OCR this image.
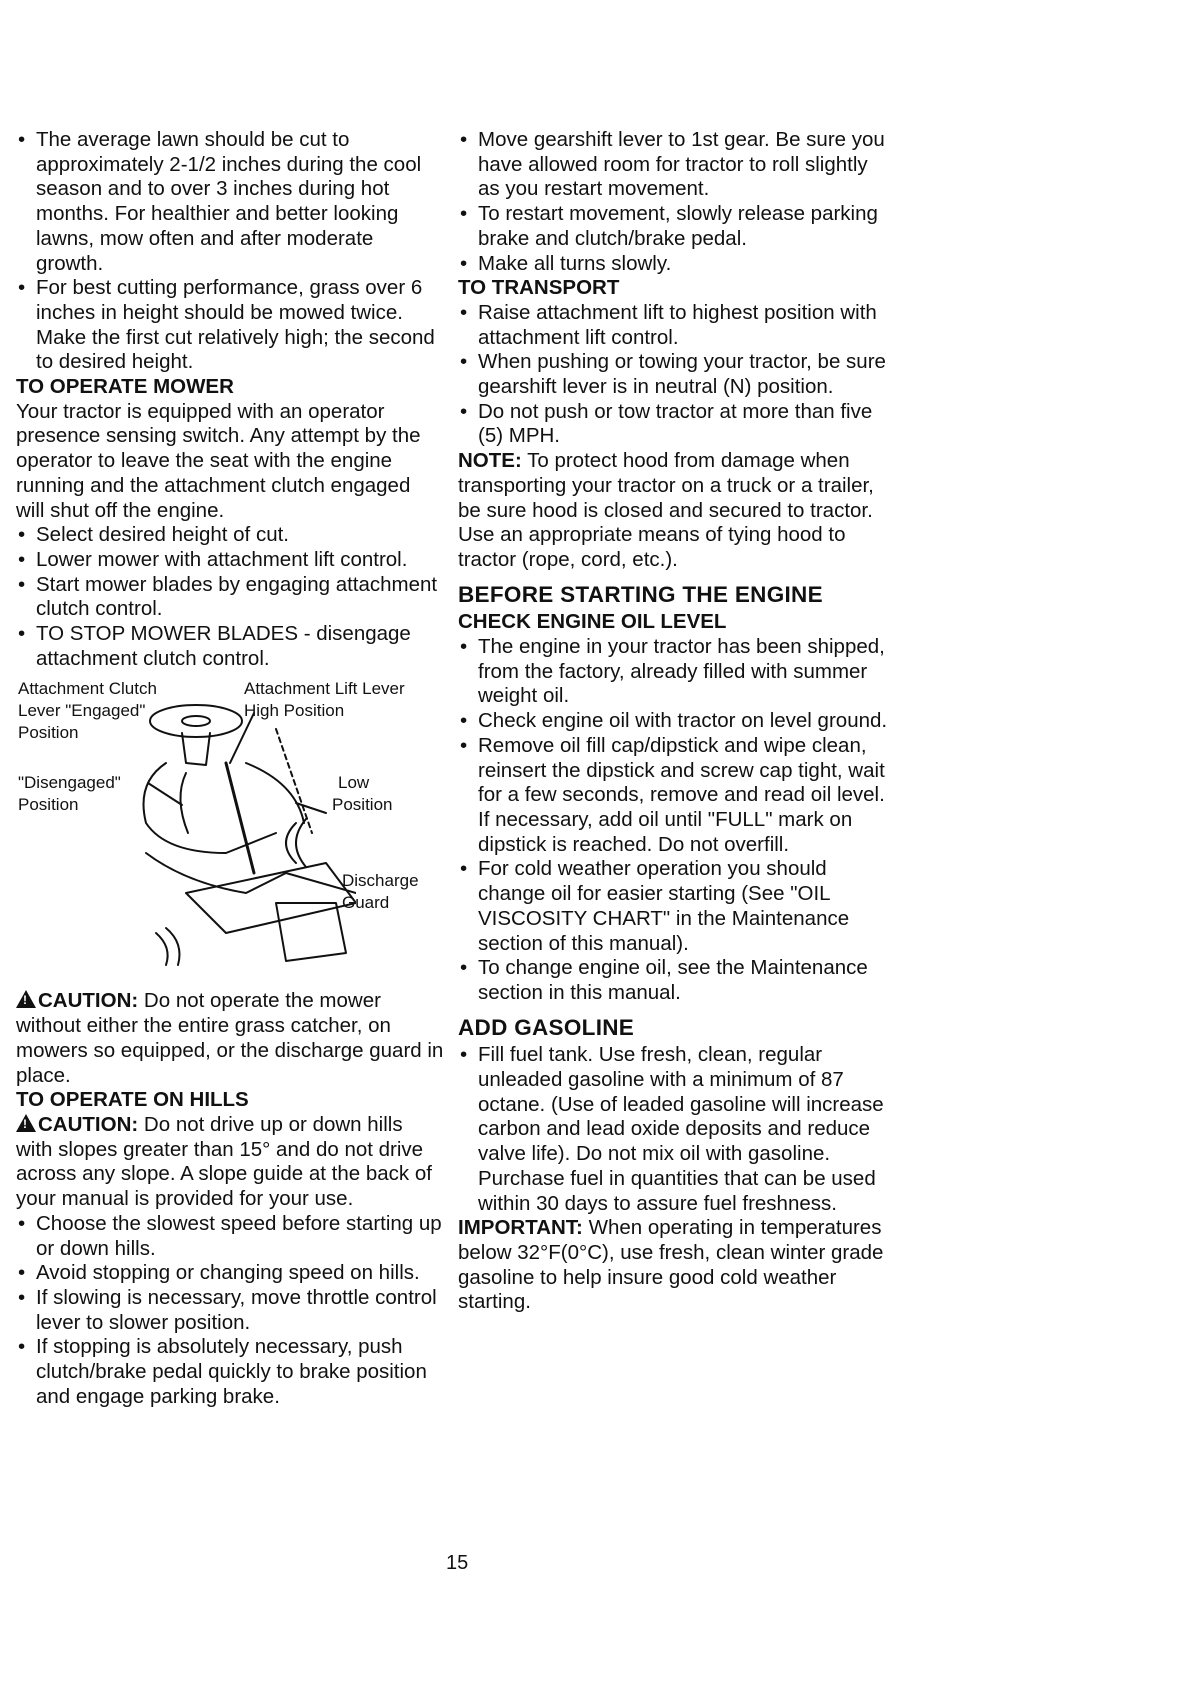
• The average lawn should be cut to approximately 2-1/2 inches during the cool season and to over 3 inches during hot months. For healthier and better looking lawns, mow often and after moderate growth.

• For best cutting performance, grass over 6 inches in height should be mowed twice. Make the first cut relatively high; the second to desired height.

TO OPERATE MOWER

Your tractor is equipped with an operator presence sensing switch. Any attempt by the operator to leave the seat with the engine running and the attachment clutch engaged will shut off the engine.

• Select desired height of cut.

• Lower mower with attachment lift control.

• Start mower blades by engaging attachment clutch control.

• TO STOP MOWER BLADES - disengage attachment clutch control.

Attachment Clutch
Lever "Engaged"
Position
Attachment Lift Lever
High Position
"Disengaged"
Position
Low
Position
Discharge
Guard

!CAUTION: Do not operate the mower without either the entire grass catcher, on mowers so equipped, or the discharge guard in place.

TO OPERATE ON HILLS

!CAUTION: Do not drive up or down hills with slopes greater than 15° and do not drive across any slope. A slope guide at the back of your manual is provided for your use.

• Choose the slowest speed before starting up or down hills.

• Avoid stopping or changing speed on hills.

• If slowing is necessary, move throttle control lever to slower position.

• If stopping is absolutely necessary, push clutch/brake pedal quickly to brake position and engage parking brake.

• Move gearshift lever to 1st gear. Be sure you have allowed room for tractor to roll slightly as you restart movement.

• To restart movement, slowly release parking brake and clutch/brake pedal.

• Make all turns slowly.

TO TRANSPORT

• Raise attachment lift to highest position with attachment lift control.

• When pushing or towing your tractor, be sure gearshift lever is in neutral (N) position.

• Do not push or tow tractor at more than five (5) MPH.

NOTE: To protect hood from damage when transporting your tractor on a truck or a trailer, be sure hood is closed and secured to tractor. Use an appropriate means of tying hood to tractor (rope, cord, etc.).

BEFORE STARTING THE ENGINE

CHECK ENGINE OIL LEVEL

• The engine in your tractor has been shipped, from the factory, already filled with summer weight oil.

• Check engine oil with tractor on level ground.

• Remove oil fill cap/dipstick and wipe clean, reinsert the dipstick and screw cap tight, wait for a few seconds, remove and read oil level. If necessary, add oil until "FULL" mark on dipstick is reached. Do not overfill.

• For cold weather operation you should change oil for easier starting (See "OIL VISCOSITY CHART" in the Maintenance section of this manual).

• To change engine oil, see the Maintenance section in this manual.

ADD GASOLINE

• Fill fuel tank. Use fresh, clean, regular unleaded gasoline with a minimum of 87 octane. (Use of leaded gasoline will increase carbon and lead oxide deposits and reduce valve life). Do not mix oil with gasoline. Purchase fuel in quantities that can be used within 30 days to assure fuel freshness.

IMPORTANT: When operating in temperatures below 32°F(0°C), use fresh, clean winter grade gasoline to help insure good cold weather starting.

15
